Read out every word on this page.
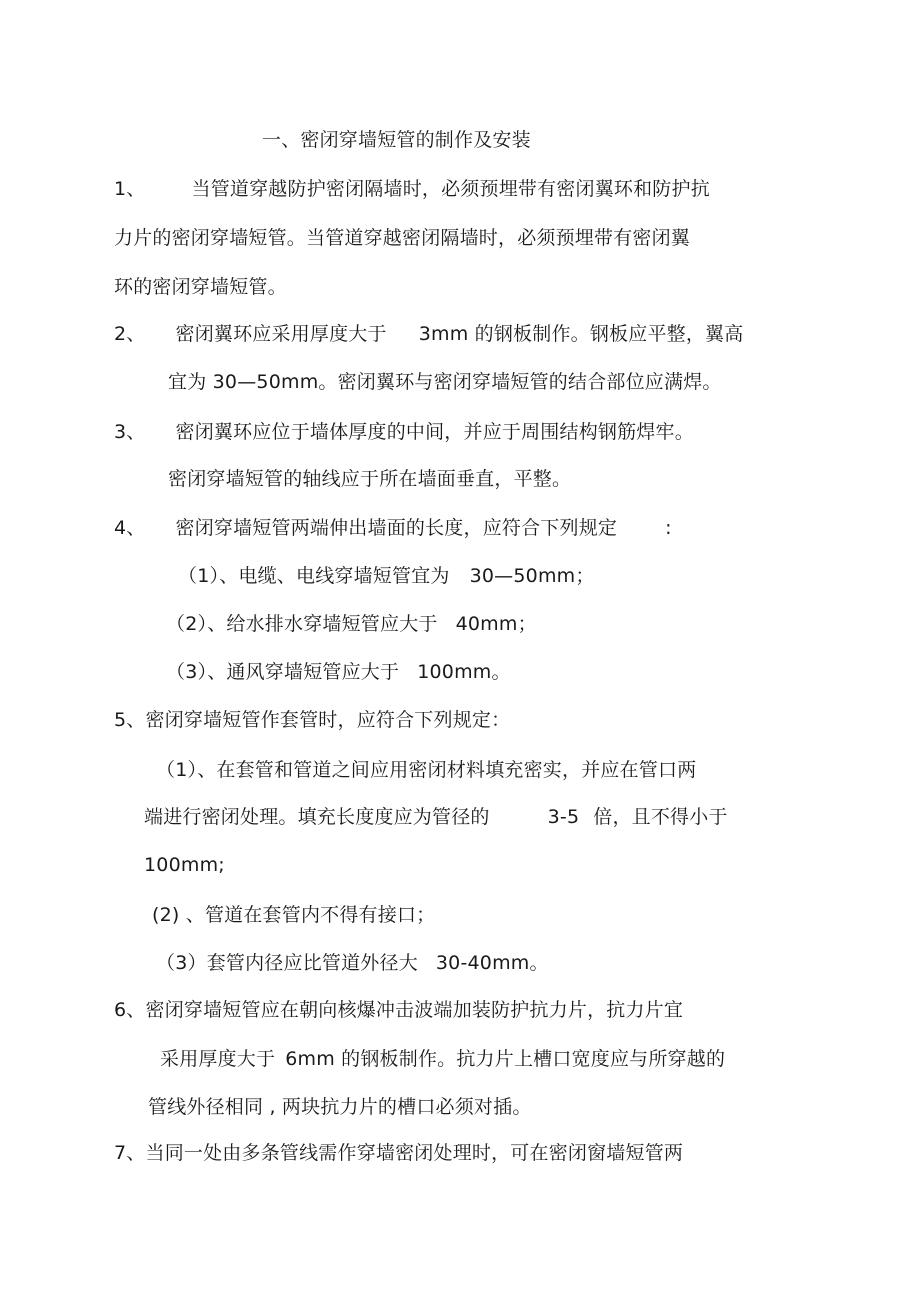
一、密闭穿墙短管的制作及安装
1、 当管道穿越防护密闭隔墙时，必须预埋带有密闭翼环和防护抗
力片的密闭穿墙短管。当管道穿越密闭隔墙时，必须预埋带有密闭翼
环的密闭穿墙短管。
2、 密闭翼环应采用厚度大于 3mm 的钢板制作。钢板应平整，翼高
宜为 30—50mm。密闭翼环与密闭穿墙短管的结合部位应满焊。
3、 密闭翼环应位于墙体厚度的中间，并应于周围结构钢筋焊牢。
密闭穿墙短管的轴线应于所在墙面垂直，平整。
4、 密闭穿墙短管两端伸出墙面的长度，应符合下列规定	:
（1）、电缆、电线穿墙短管宜为 30—50mm；
（2）、给水排水穿墙短管应大于 40mm；
（3）、通风穿墙短管应大于 100mm。
5、密闭穿墙短管作套管时，应符合下列规定：
（1）、在套管和管道之间应用密闭材料填充密实，并应在管口两
端进行密闭处理。填充长度度应为管径的	3-5 倍，且不得小于
100mm;
(2) 、管道在套管内不得有接口；
（3）套管内径应比管道外径大 30-40mm。
6、密闭穿墙短管应在朝向核爆冲击波端加装防护抗力片，抗力片宜
采用厚度大于 6mm 的钢板制作。抗力片上槽口宽度应与所穿越的
管线外径相同 , 两块抗力片的槽口必须对插。
7、当同一处由多条管线需作穿墙密闭处理时，可在密闭窗墙短管两
